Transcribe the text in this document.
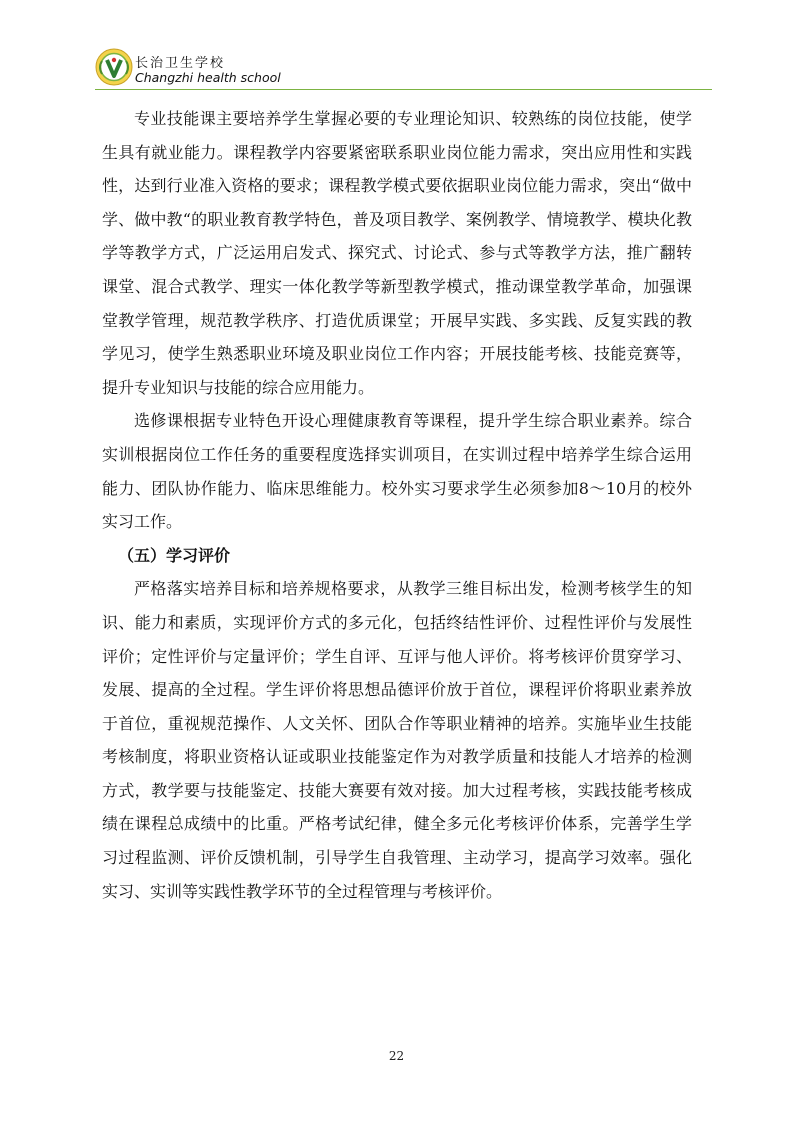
长治卫生学校
Changzhi health school

专业技能课主要培养学生掌握必要的专业理论知识、较熟练的岗位技能，使学生具有就业能力。课程教学内容要紧密联系职业岗位能力需求，突出应用性和实践性，达到行业准入资格的要求；课程教学模式要依据职业岗位能力需求，突出“做中学、做中教“的职业教育教学特色，普及项目教学、案例教学、情境教学、模块化教学等教学方式，广泛运用启发式、探究式、讨论式、参与式等教学方法，推广翻转课堂、混合式教学、理实一体化教学等新型教学模式，推动课堂教学革命，加强课堂教学管理，规范教学秩序、打造优质课堂；开展早实践、多实践、反复实践的教学见习，使学生熟悉职业环境及职业岗位工作内容；开展技能考核、技能竞赛等，提升专业知识与技能的综合应用能力。

选修课根据专业特色开设心理健康教育等课程，提升学生综合职业素养。综合实训根据岗位工作任务的重要程度选择实训项目，在实训过程中培养学生综合运用能力、团队协作能力、临床思维能力。校外实习要求学生必须参加8～10月的校外实习工作。

（五）学习评价

严格落实培养目标和培养规格要求，从教学三维目标出发，检测考核学生的知识、能力和素质，实现评价方式的多元化，包括终结性评价、过程性评价与发展性评价；定性评价与定量评价；学生自评、互评与他人评价。将考核评价贯穿学习、发展、提高的全过程。学生评价将思想品德评价放于首位，课程评价将职业素养放于首位，重视规范操作、人文关怀、团队合作等职业精神的培养。实施毕业生技能考核制度，将职业资格认证或职业技能鉴定作为对教学质量和技能人才培养的检测方式，教学要与技能鉴定、技能大赛要有效对接。加大过程考核，实践技能考核成绩在课程总成绩中的比重。严格考试纪律，健全多元化考核评价体系，完善学生学习过程监测、评价反馈机制，引导学生自我管理、主动学习，提高学习效率。强化实习、实训等实践性教学环节的全过程管理与考核评价。

22
